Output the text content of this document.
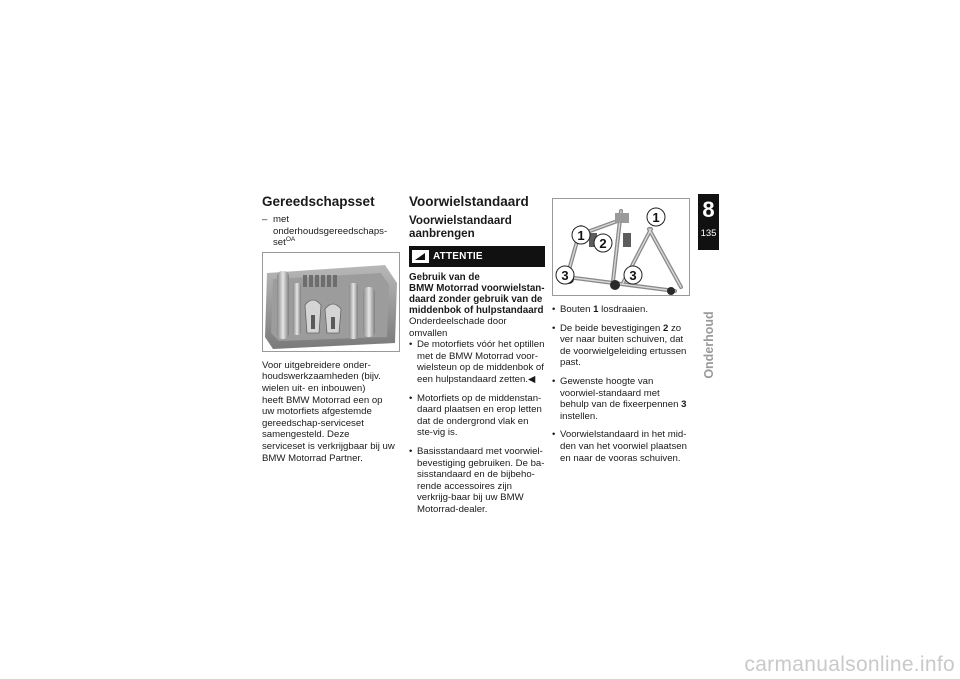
Gereedschapsset
– met onderhoudsgereedschaps-set$^{OA}$

Voor uitgebreidere onder-
houdswerkzaamheden (bijv.
wielen uit- en inbouwen)
heeft BMW Motorrad een op
uw motorfiets afgestemde
gereedschap-serviceset
samengesteld. Deze
serviceset is verkrijgbaar bij uw
BMW Motorrad Partner.

Voorwielstandaard
Voorwielstandaard
aanbrengen
ATTENTIE

Gebruik van de
BMW Motorrad voorwielstan-
daard zonder gebruik van de
middenbok of hulpstandaard

Onderdeelschade door omvallen

• De motorfiets vóór het optillen met de BMW Motorrad voor-wielsteun op de middenbok of een hulpstandaard zetten.◀
• Motorfiets op de middenstan-daard plaatsen en erop letten dat de ondergrond vlak en ste-vig is.
• Basisstandaard met voorwiel-bevestiging gebruiken. De ba-sisstandaard en de bijbeho-rende accessoires zijn verkrijg-baar bij uw BMW Motorrad-dealer.
1
1
2
3	3
• Bouten 1 losdraaien.
• De beide bevestigingen 2 zo ver naar buiten schuiven, dat de voorwielgeleiding ertussen past.
• Gewenste hoogte van voorwiel-standaard met behulp van de fixeerpennen 3 instellen.
• Voorwielstandaard in het mid-den van het voorwiel plaatsen en naar de vooras schuiven.
8
135
Onderhoud
carmanualsonline.info
